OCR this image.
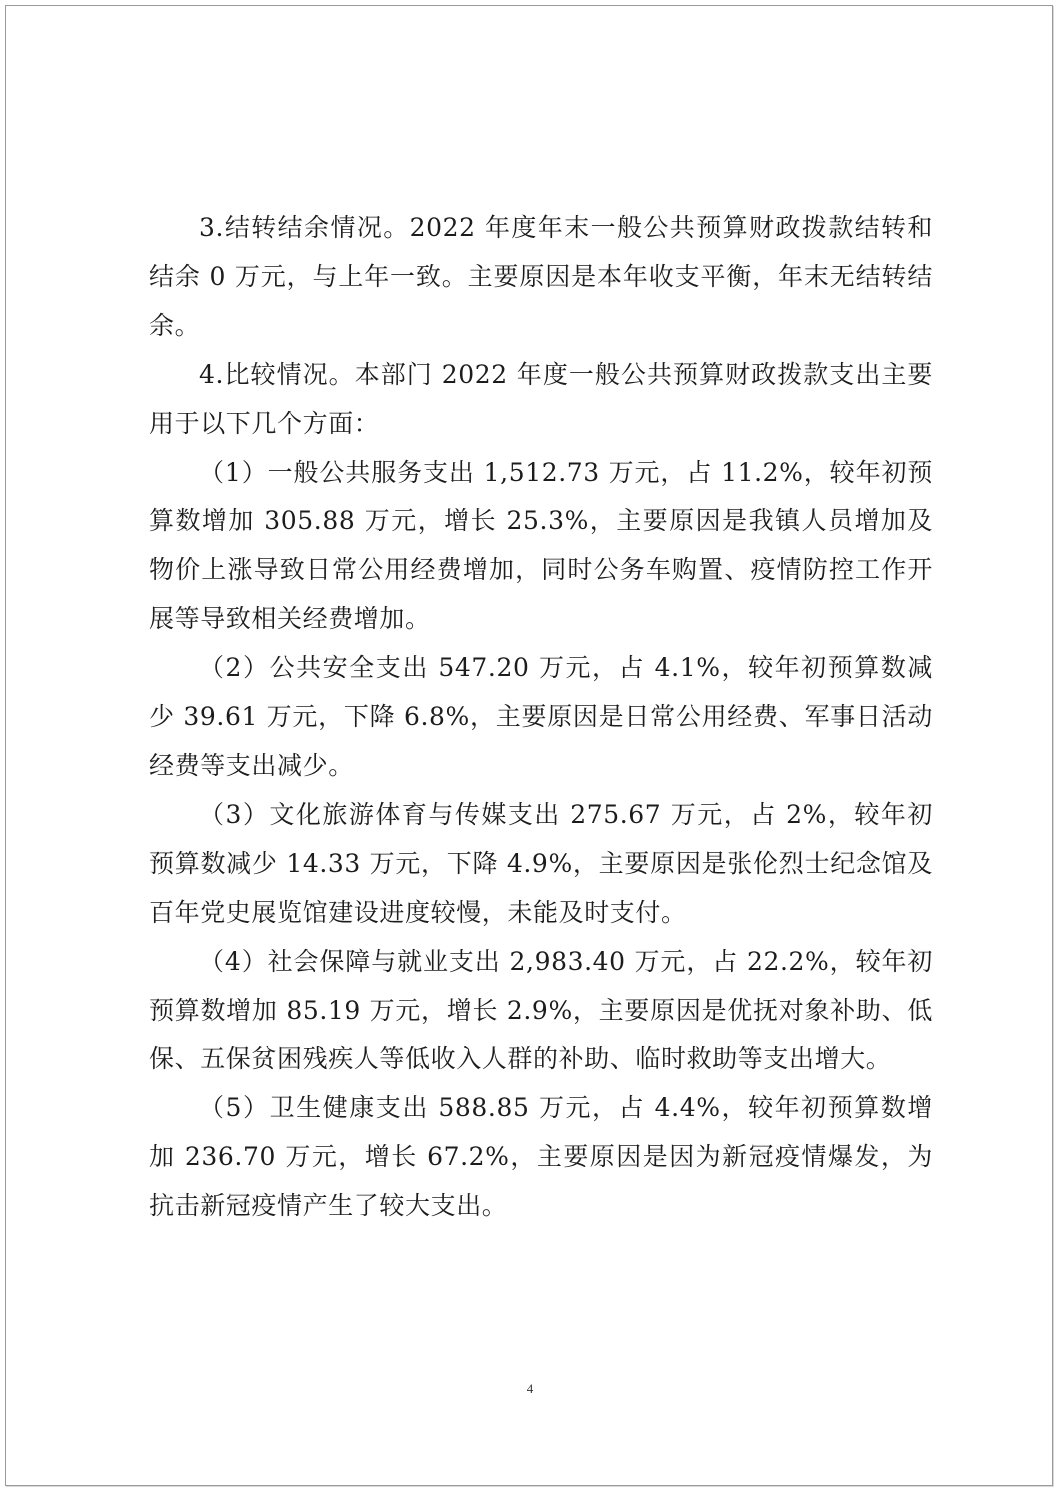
3.结转结余情况。2022 年度年末一般公共预算财政拨款结转和结余 0 万元，与上年一致。主要原因是本年收支平衡，年末无结转结余。

4.比较情况。本部门 2022 年度一般公共预算财政拨款支出主要用于以下几个方面：

（1）一般公共服务支出 1,512.73 万元，占 11.2%，较年初预算数增加 305.88 万元，增长 25.3%，主要原因是我镇人员增加及物价上涨导致日常公用经费增加，同时公务车购置、疫情防控工作开展等导致相关经费增加。

（2）公共安全支出 547.20 万元，占 4.1%，较年初预算数减少 39.61 万元，下降 6.8%，主要原因是日常公用经费、军事日活动经费等支出减少。

（3）文化旅游体育与传媒支出 275.67 万元，占 2%，较年初预算数减少 14.33 万元，下降 4.9%，主要原因是张伦烈士纪念馆及百年党史展览馆建设进度较慢，未能及时支付。

（4）社会保障与就业支出 2,983.40 万元，占 22.2%，较年初预算数增加 85.19 万元，增长 2.9%，主要原因是优抚对象补助、低保、五保贫困残疾人等低收入人群的补助、临时救助等支出增大。

（5）卫生健康支出 588.85 万元，占 4.4%，较年初预算数增加 236.70 万元，增长 67.2%，主要原因是因为新冠疫情爆发，为抗击新冠疫情产生了较大支出。

4
